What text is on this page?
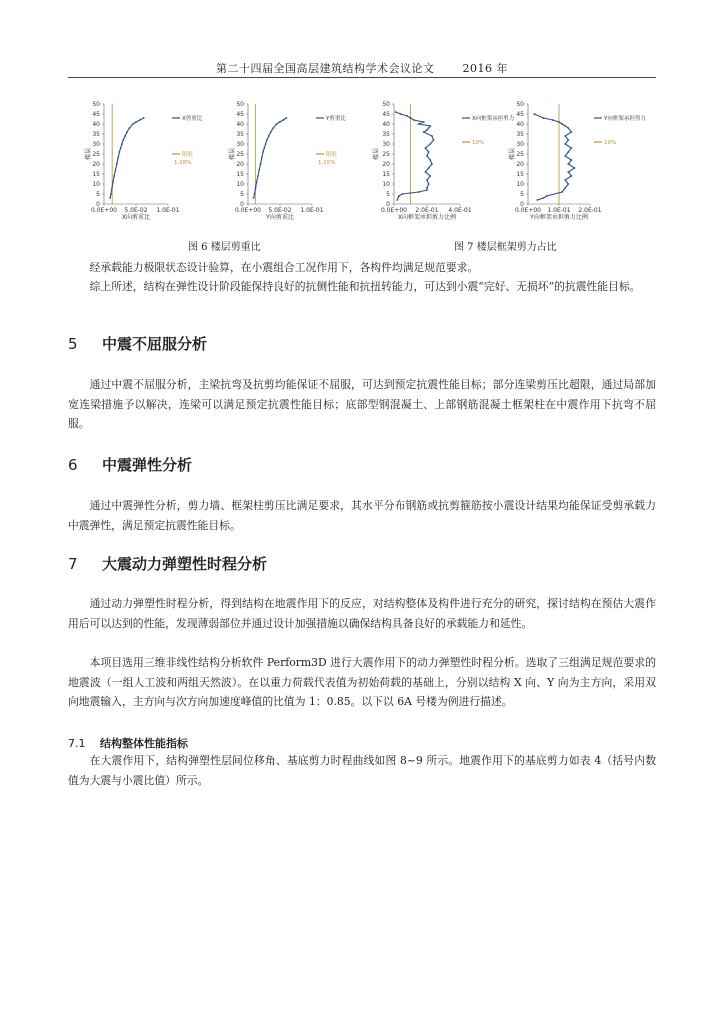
第二十四届全国高层建筑结构学术会议论文	2016 年
0
5
10
15
20
25
30
35
40
45
50
0.0E+00 5.0E-02 1.0E-01
X向剪重比
楼层
X剪重比
限值
1.28%
0
5
10
15
20
25
30
35
40
45
50
0.0E+00 5.0E-02 1.0E-01
Y向剪重比
楼层
Y剪重比
限值
1.15%
0
5
10
15
20
25
30
35
40
45
50
0.0E+00 2.0E-01 4.0E-01
X向框架承担剪力比例
楼层
X向框架承担剪力
10%
0
5
10
15
20
25
30
35
40
45
50
0.0E+00 1.0E-01 2.0E-01
Y向框架承担剪力比例
楼层
Y向框架承担剪力
10%
图 6 楼层剪重比	图 7 楼层框架剪力占比

经承载能力极限状态设计验算，在小震组合工况作用下，各构件均满足规范要求。

综上所述，结构在弹性设计阶段能保持良好的抗侧性能和抗扭转能力，可达到小震“完好、无损坏”的抗震性能目标。

5 中震不屈服分析

通过中震不屈服分析，主梁抗弯及抗剪均能保证不屈服，可达到预定抗震性能目标；部分连梁剪压比超限，通过局部加宽连梁措施予以解决，连梁可以满足预定抗震性能目标；底部型钢混凝土、上部钢筋混凝土框架柱在中震作用下抗弯不屈服。

6 中震弹性分析

通过中震弹性分析，剪力墙、框架柱剪压比满足要求，其水平分布钢筋或抗剪箍筋按小震设计结果均能保证受剪承载力中震弹性，满足预定抗震性能目标。

7 大震动力弹塑性时程分析

通过动力弹塑性时程分析，得到结构在地震作用下的反应，对结构整体及构件进行充分的研究，探讨结构在预估大震作用后可以达到的性能，发现薄弱部位并通过设计加强措施以确保结构具备良好的承载能力和延性。

本项目选用三维非线性结构分析软件 Perform3D 进行大震作用下的动力弹塑性时程分析。选取了三组满足规范要求的地震波（一组人工波和两组天然波）。在以重力荷载代表值为初始荷载的基础上，分别以结构 X 向、Y 向为主方向，采用双向地震输入，主方向与次方向加速度峰值的比值为 1：0.85。以下以 6A 号楼为例进行描述。

7.1 结构整体性能指标

在大震作用下，结构弹塑性层间位移角、基底剪力时程曲线如图 8~9 所示。地震作用下的基底剪力如表 4（括号内数值为大震与小震比值）所示。
